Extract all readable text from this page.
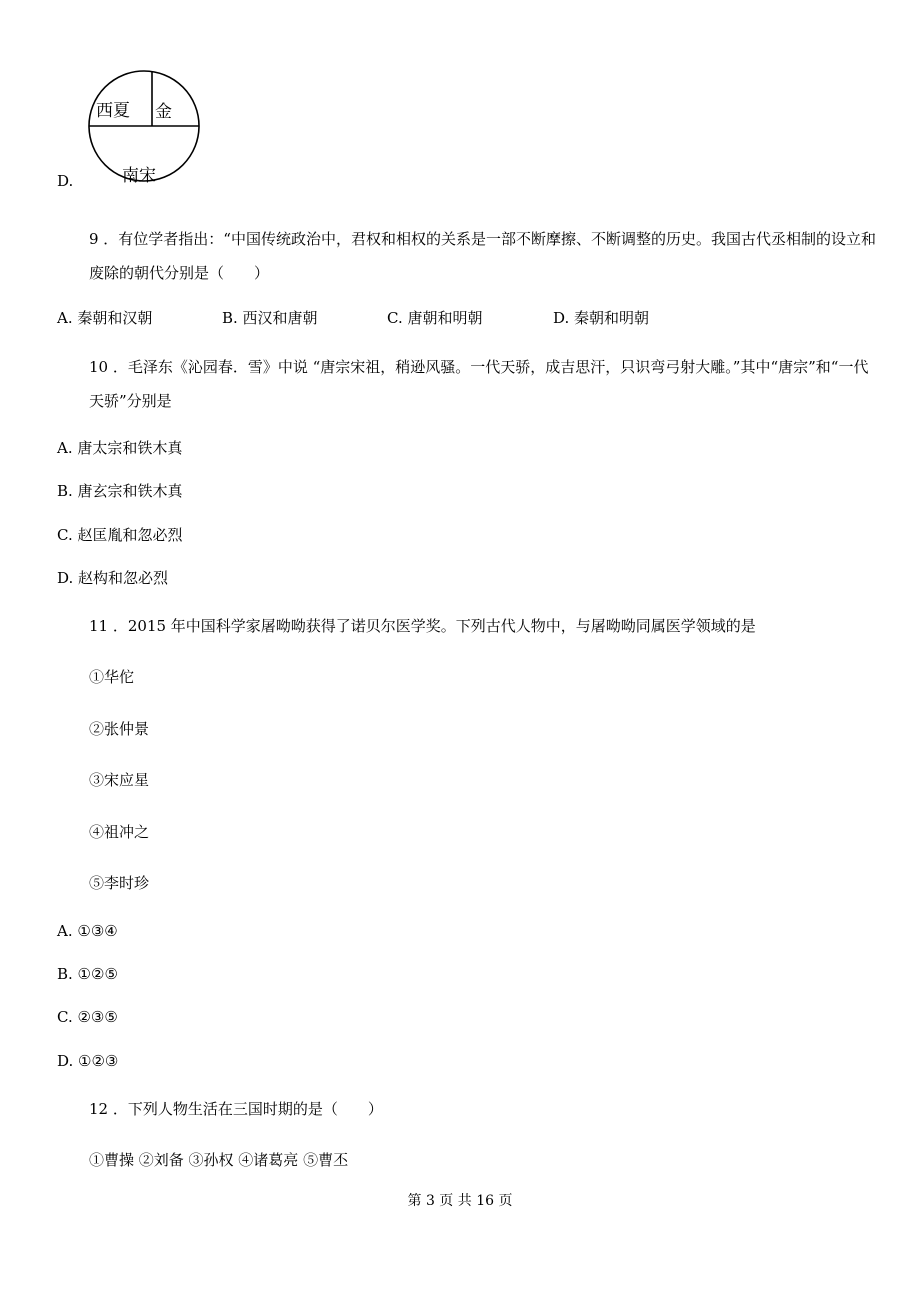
D.
西夏 金
南宋
9 ．有位学者指出：“中国传统政治中，君权和相权的关系是一部不断摩擦、不断调整的历史。我国古代丞相制的设立和废除的朝代分别是（　　）
A. 秦朝和汉朝	B. 西汉和唐朝	C. 唐朝和明朝	D. 秦朝和明朝
10 ．毛泽东《沁园春．雪》中说 “唐宗宋祖，稍逊风骚。一代天骄，成吉思汗，只识弯弓射大雕。”其中“唐宗”和“一代天骄”分别是
A. 唐太宗和铁木真
B. 唐玄宗和铁木真
C. 赵匡胤和忽必烈
D. 赵构和忽必烈
11 ．2015 年中国科学家屠呦呦获得了诺贝尔医学奖。下列古代人物中，与屠呦呦同属医学领域的是
①华佗
②张仲景
③宋应星
④祖冲之
⑤李时珍
A. ①③④
B. ①②⑤
C. ②③⑤
D. ①②③
12 ．下列人物生活在三国时期的是（　　）
①曹操 ②刘备 ③孙权 ④诸葛亮 ⑤曹丕
第 3 页 共 16 页
